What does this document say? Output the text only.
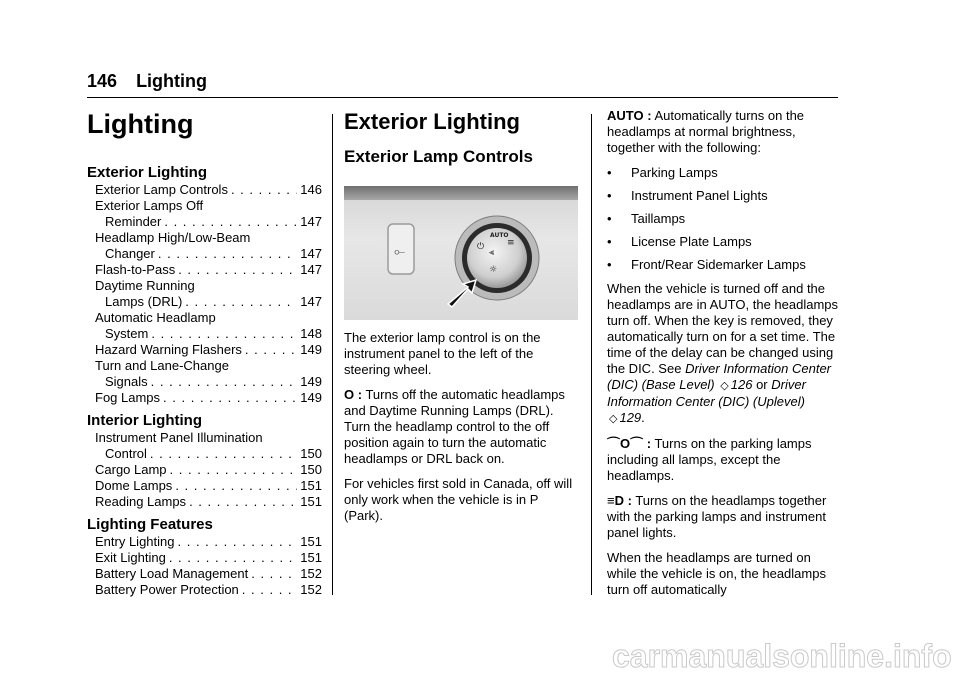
146 Lighting
Lighting
Exterior Lighting
Exterior Lamp Controls . . .	146
Exterior Lamps Off
Reminder . . .	147
Headlamp High/Low-Beam
Changer . . .	147
Flash-to-Pass . . .	147
Daytime Running
Lamps (DRL) . . .	147
Automatic Headlamp
System . . .	148
Hazard Warning Flashers . . .	149
Turn and Lane-Change
Signals . . .	149
Fog Lamps . . .	149
Interior Lighting
Instrument Panel Illumination
Control . . .	150
Cargo Lamp . . .	150
Dome Lamps . . .	151
Reading Lamps . . .	151
Lighting Features
Entry Lighting . . .	151
Exit Lighting . . .	151
Battery Load Management . . .	152
Battery Power Protection . . .	152
Exterior Lighting
Exterior Lamp Controls

The exterior lamp control is on the instrument panel to the left of the steering wheel.

O : Turns off the automatic headlamps and Daytime Running Lamps (DRL). Turn the headlamp control to the off position again to turn the automatic headlamps or DRL back on.

For vehicles first sold in Canada, off will only work when the vehicle is in P (Park).

⟜
AUTO
⏻
⫷
≡
☼

AUTO : Automatically turns on the headlamps at normal brightness, together with the following:

•	Parking Lamps
•	Instrument Panel Lights
•	Taillamps
•	License Plate Lamps
•	Front/Rear Sidemarker Lamps

When the vehicle is turned off and the headlamps are in AUTO, the headlamps turn off. When the key is removed, they automatically turn on for a set time. The time of the delay can be changed using the DIC. See Driver Information Center (DIC) (Base Level) ◇ 126 or Driver Information Center (DIC) (Uplevel) ◇ 129.

⌒O⌒ : Turns on the parking lamps including all lamps, except the headlamps.

≡D : Turns on the headlamps together with the parking lamps and instrument panel lights.

When the headlamps are turned on while the vehicle is on, the headlamps turn off automatically

carmanualsonline.info
